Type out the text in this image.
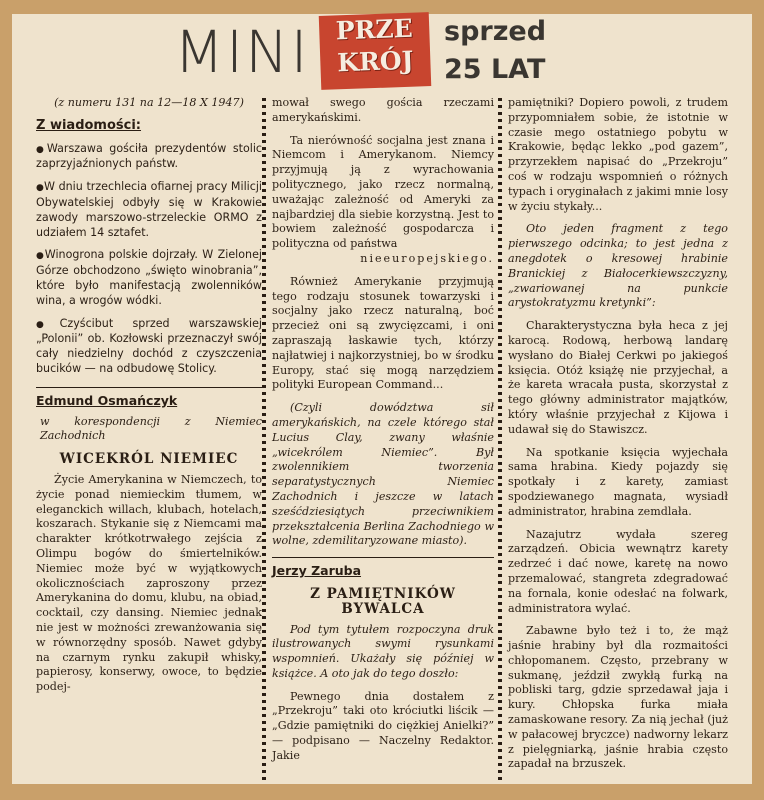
MINI	PRZE
KRÓJ
sprzed
25 LAT

(z numeru 131 na 12—18 X 1947)

Z wiadomości:

● Warszawa gościła prezydentów stolic zaprzyjaźnionych państw.

● W dniu trzechlecia ofiarnej pracy Milicji Obywatelskiej odbyły się w Krakowie zawody marszowo-strzeleckie ORMO z udziałem 14 sztafet.

● Winogrona polskie dojrzały. W Zielonej Górze obchodzono „święto winobrania”, które było manifestacją zwolenników wina, a wrogów wódki.

● Czyścibut sprzed warszawskiej „Polonii” ob. Kozłowski przeznaczył swój cały niedzielny dochód z czyszczenia bucików — na odbudowę Stolicy.

Edmund Osmańczyk

w korespondencji z Niemiec Zachodnich

WICEKRÓL NIEMIEC

Życie Amerykanina w Niemczech, to życie ponad niemieckim tłumem, w eleganckich willach, klubach, hotelach, koszarach. Stykanie się z Niemcami ma charakter krótkotrwałego zejścia z Olimpu bogów do śmiertelników. Niemiec może być w wyjątkowych okolicznościach zaproszony przez Amerykanina do domu, klubu, na obiad, cocktail, czy dansing. Niemiec jednak nie jest w możności zrewanżowania się w równorzędny sposób. Nawet gdyby na czarnym rynku zakupił whisky, papierosy, konserwy, owoce, to będzie podej-

mował swego gościa rzeczami amerykańskimi.

Ta nierówność socjalna jest znana i Niemcom i Amerykanom. Niemcy przyjmują ją z wyrachowania politycznego, jako rzecz normalną, uważając zależność od Ameryki za najbardziej dla siebie korzystną. Jest to bowiem zależność gospodarcza i polityczna od państwa

nieeuropejskiego.

Również Amerykanie przyjmują tego rodzaju stosunek towarzyski i socjalny jako rzecz naturalną, boć przecież oni są zwycięzcami, i oni zapraszają łaskawie tych, którzy najłatwiej i najkorzystniej, bo w środku Europy, stać się mogą narzędziem polityki European Command...

(Czyli dowództwa sił amerykańskich, na czele którego stał Lucius Clay, zwany właśnie „wicekrólem Niemiec”. Był zwolennikiem tworzenia separatystycznych Niemiec Zachodnich i jeszcze w latach sześćdziesiątych przeciwnikiem przekształcenia Berlina Zachodniego w wolne, zdemilitaryzowane miasto).

Jerzy Zaruba

Z PAMIĘTNIKÓW BYWALCA

Pod tym tytułem rozpoczyna druk ilustrowanych swymi rysunkami wspomnień. Ukażały się później w książce. A oto jak do tego doszło:

Pewnego dnia dostałem z „Przekroju” taki oto króciutki liścik — „Gdzie pamiętniki do ciężkiej Anielki?” — podpisano — Naczelny Redaktor. Jakie

pamiętniki? Dopiero powoli, z trudem przypomniałem sobie, że istotnie w czasie mego ostatniego pobytu w Krakowie, będąc lekko „pod gazem”, przyrzekłem napisać do „Przekroju” coś w rodzaju wspomnień o różnych typach i oryginałach z jakimi mnie losy w życiu stykały...

Oto jeden fragment z tego pierwszego odcinka; to jest jedna z anegdotek o kresowej hrabinie Branickiej z Białocerkiewszczyzny, „zwariowanej na punkcie arystokratyzmu kretynki”:

Charakterystyczna była heca z jej karocą. Rodową, herbową landarę wysłano do Białej Cerkwi po jakiegoś księcia. Otóż książę nie przyjechał, a że kareta wracała pusta, skorzystał z tego główny administrator majątków, który właśnie przyjechał z Kijowa i udawał się do Stawiszcz.

Na spotkanie księcia wyjechała sama hrabina. Kiedy pojazdy się spotkały i z karety, zamiast spodziewanego magnata, wysiadł administrator, hrabina zemdlała.

Nazajutrz wydała szereg zarządzeń. Obicia wewnątrz karety zedrzeć i dać nowe, karetę na nowo przemalować, stangreta zdegradować na fornala, konie odesłać na folwark, administratora wylać.

Zabawne było też i to, że mąż jaśnie hrabiny był dla rozmaitości chłopomanem. Często, przebrany w sukmanę, jeździł zwykłą furką na pobliski targ, gdzie sprzedawał jaja i kury. Chłopska furka miała zamaskowane resory. Za nią jechał (już w pałacowej bryczce) nadworny lekarz z pielęgniarką, jaśnie hrabia często zapadał na brzuszek.
